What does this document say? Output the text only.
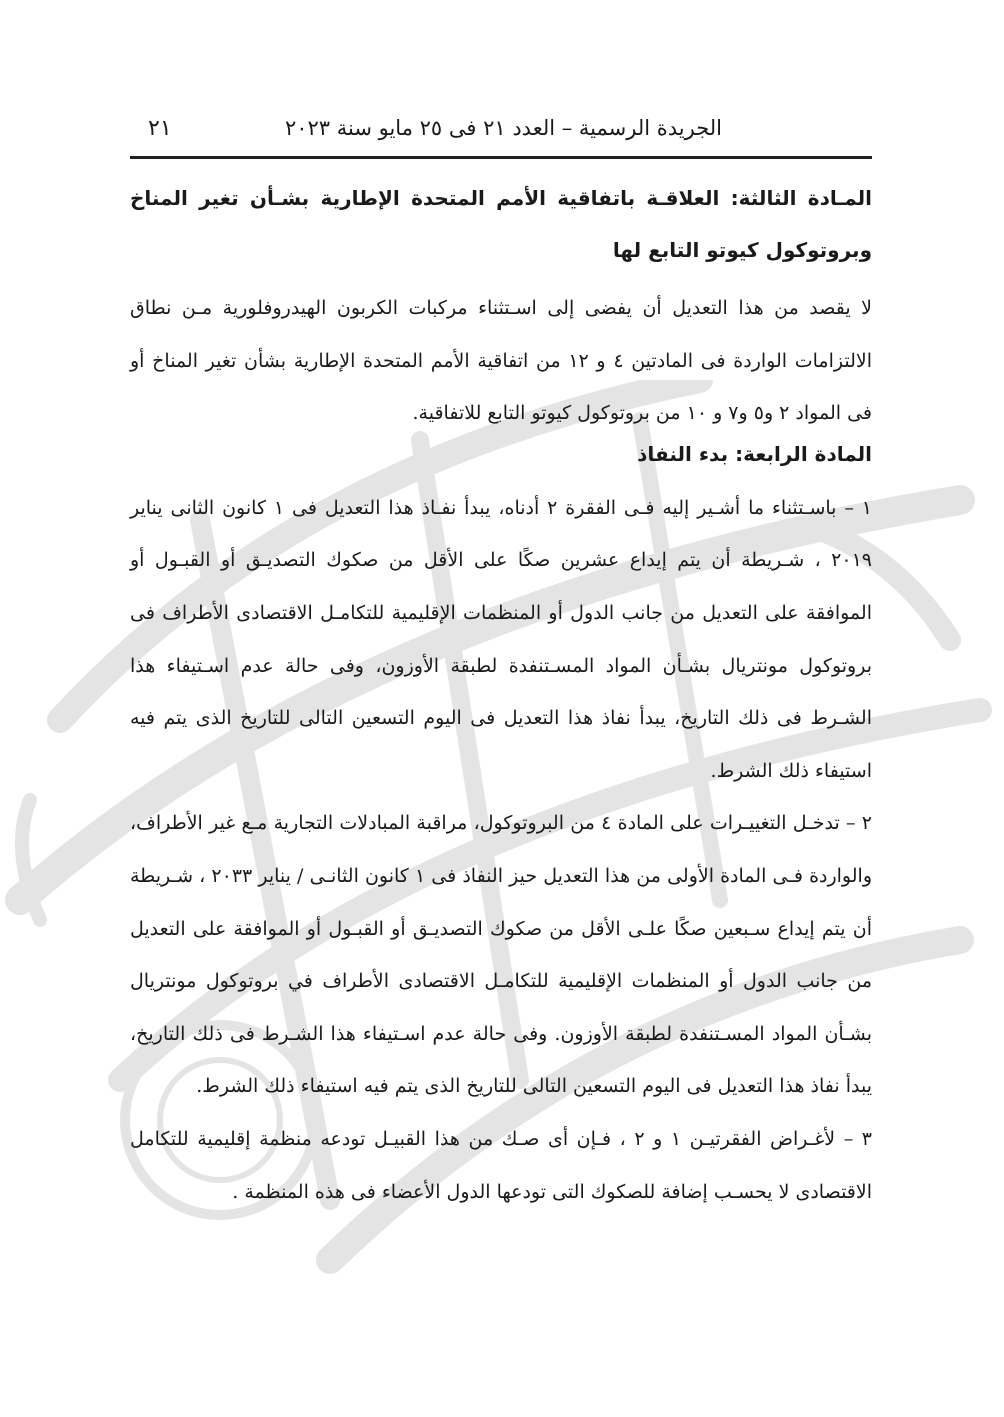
الجريدة الرسمية – العدد ٢١ فى ٢٥ مايو سنة ٢٠٢٣
٢١

المـادة الثالثة: العلاقـة باتفاقية الأمم المتحدة الإطارية بشـأن تغير المناخ وبروتوكول كيوتو التابع لها

لا يقصد من هذا التعديل أن يفضى إلى اسـتثناء مركبات الكربون الهيدروفلورية مـن نطاق الالتزامات الواردة فى المادتين ٤ و ١٢ من اتفاقية الأمم المتحدة الإطارية بشأن تغير المناخ أو فى المواد ٢ و٥ و٧ و ١٠ من بروتوكول كيوتو التابع للاتفاقية.

المادة الرابعة: بدء النفاذ

١ – باسـتثناء ما أشـير إليه فـى الفقرة ٢ أدناه، يبدأ نفـاذ هذا التعديل فى ١ كانون الثانى يناير ٢٠١٩ ، شـريطة أن يتم إيداع عشرين صكًا على الأقل من صكوك التصديـق أو القبـول أو الموافقة على التعديل من جانب الدول أو المنظمات الإقليمية للتكامـل الاقتصادى الأطراف فى بروتوكول مونتريال بشـأن المواد المسـتنفدة لطبقة الأوزون، وفى حالة عدم اسـتيفاء هذا الشـرط فى ذلك التاريخ، يبدأ نفاذ هذا التعديل فى اليوم التسعين التالى للتاريخ الذى يتم فيه استيفاء ذلك الشرط.

٢ – تدخـل التغييـرات على المادة ٤ من البروتوكول، مراقبة المبادلات التجارية مـع غير الأطراف، والواردة فـى المادة الأولى من هذا التعديل حيز النفاذ فى ١ كانون الثانـى / يناير ٢٠٣٣ ، شـريطة أن يتم إيداع سـبعين صكًا علـى الأقل من صكوك التصديـق أو القبـول أو الموافقة على التعديل من جانب الدول أو المنظمات الإقليمية للتكامـل الاقتصادى الأطراف في بروتوكول مونتريال بشـأن المواد المسـتنفدة لطبقة الأوزون. وفى حالة عدم اسـتيفاء هذا الشـرط فى ذلك التاريخ، يبدأ نفاذ هذا التعديل فى اليوم التسعين التالى للتاريخ الذى يتم فيه استيفاء ذلك الشرط.

٣ – لأغـراض الفقرتيـن ١ و ٢ ، فـإن أى صـك من هذا القبيـل تودعه منظمة إقليمية للتكامل الاقتصادى لا يحسـب إضافة للصكوك التى تودعها الدول الأعضاء فى هذه المنظمة .
